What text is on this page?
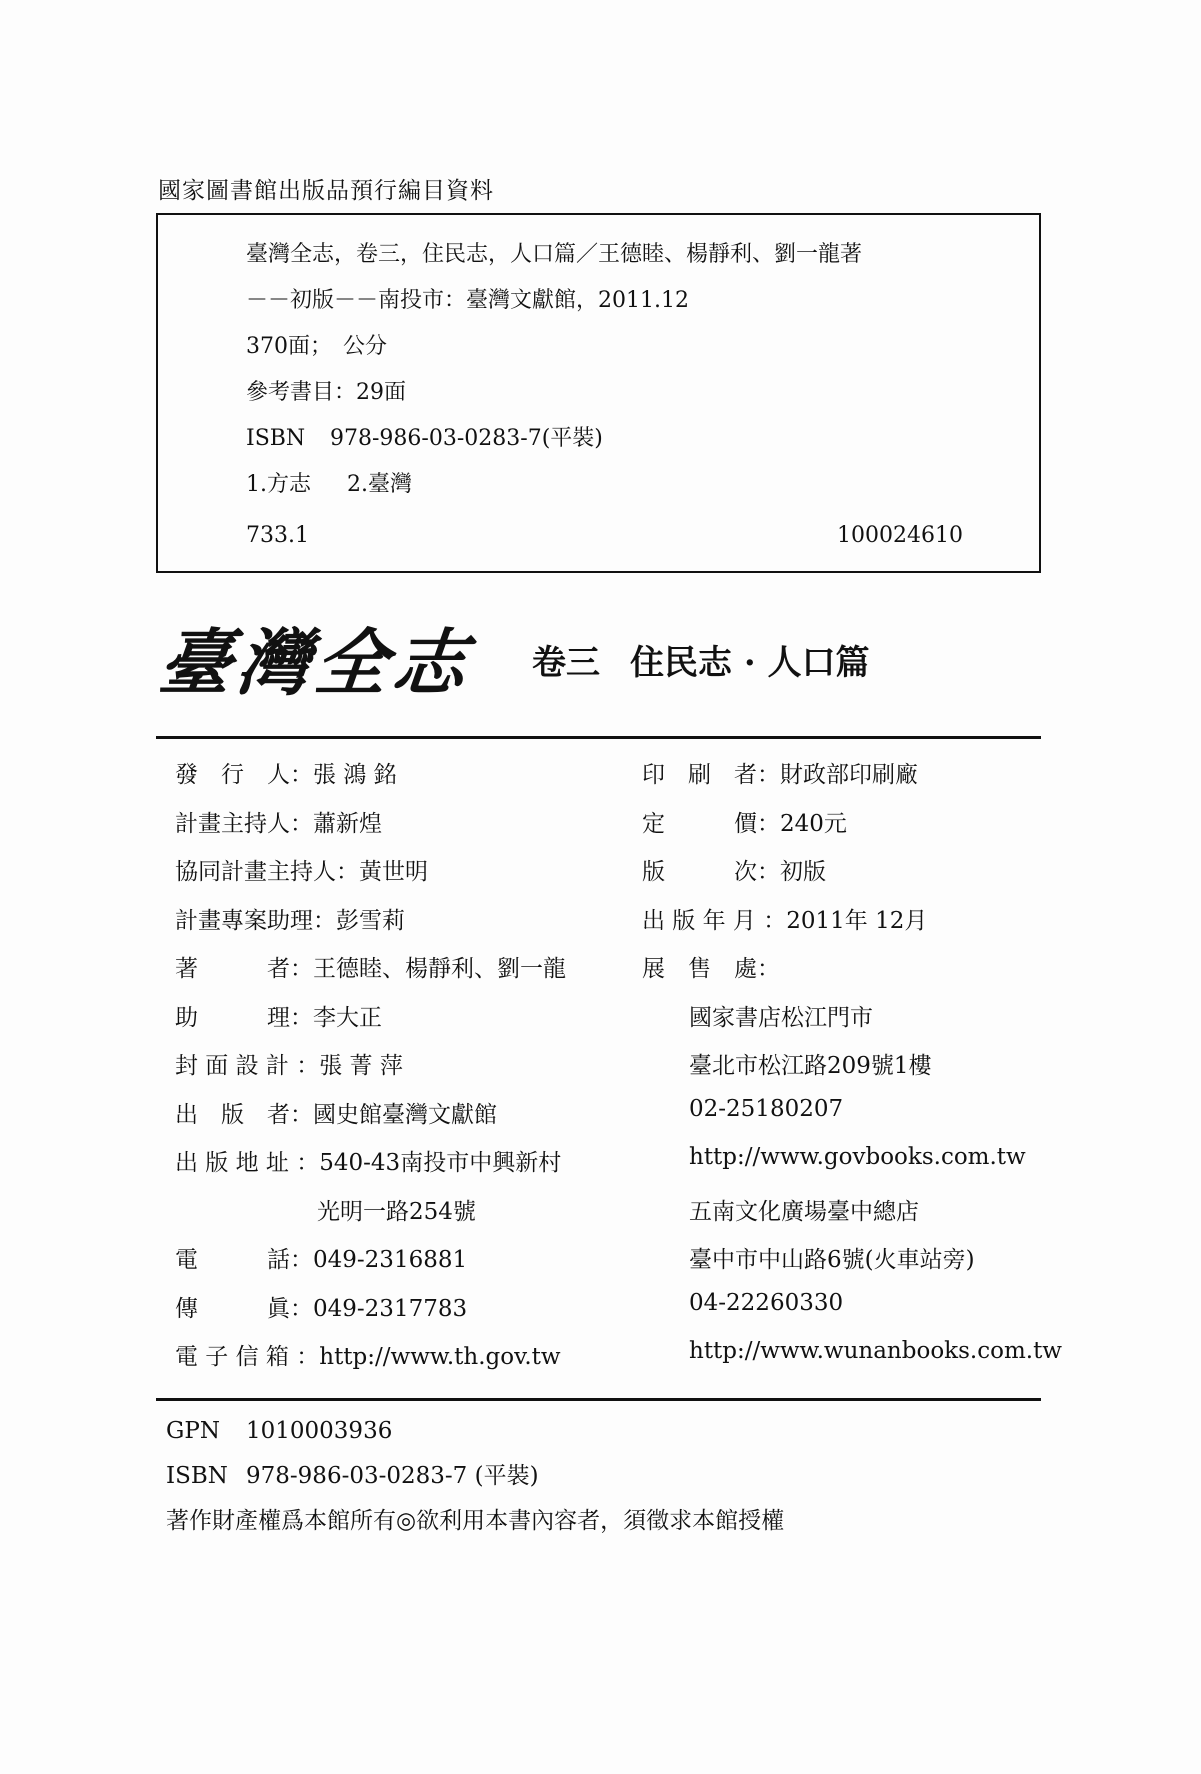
國家圖書館出版品預行編目資料
臺灣全志，卷三，住民志，人口篇／王德睦、楊靜利、劉一龍著
－－初版－－南投市：臺灣文獻館，2011.12
370面；　公分
參考書目：29面
ISBN 978-986-03-0283-7(平裝)
1.方志 2.臺灣
733.1	100024610
臺灣全志 卷三 住民志 · 人口篇
發　行　人：張 鴻 銘
計畫主持人：蕭新煌
協同計畫主持人：黃世明
計畫專案助理：彭雪莉
著　　　者：王德睦、楊靜利、劉一龍
助　　　理：李大正
封 面 設 計 ：張 菁 萍
出　版　者：國史館臺灣文獻館
出 版 地 址 ：540-43南投市中興新村
光明一路254號
電　　　話：049-2316881
傳　　　眞：049-2317783
電 子 信 箱 ：http://www.th.gov.tw
印　刷　者：財政部印刷廠
定　　　價：240元
版　　　次：初版
出 版 年 月 ：2011年 12月
展　售　處：
國家書店松江門市
臺北市松江路209號1樓
02-25180207
http://www.govbooks.com.tw
五南文化廣場臺中總店
臺中市中山路6號(火車站旁)
04-22260330
http://www.wunanbooks.com.tw
GPN 1010003936
ISBN 978-986-03-0283-7 (平裝)
著作財產權爲本館所有◎欲利用本書內容者，須徵求本館授權
